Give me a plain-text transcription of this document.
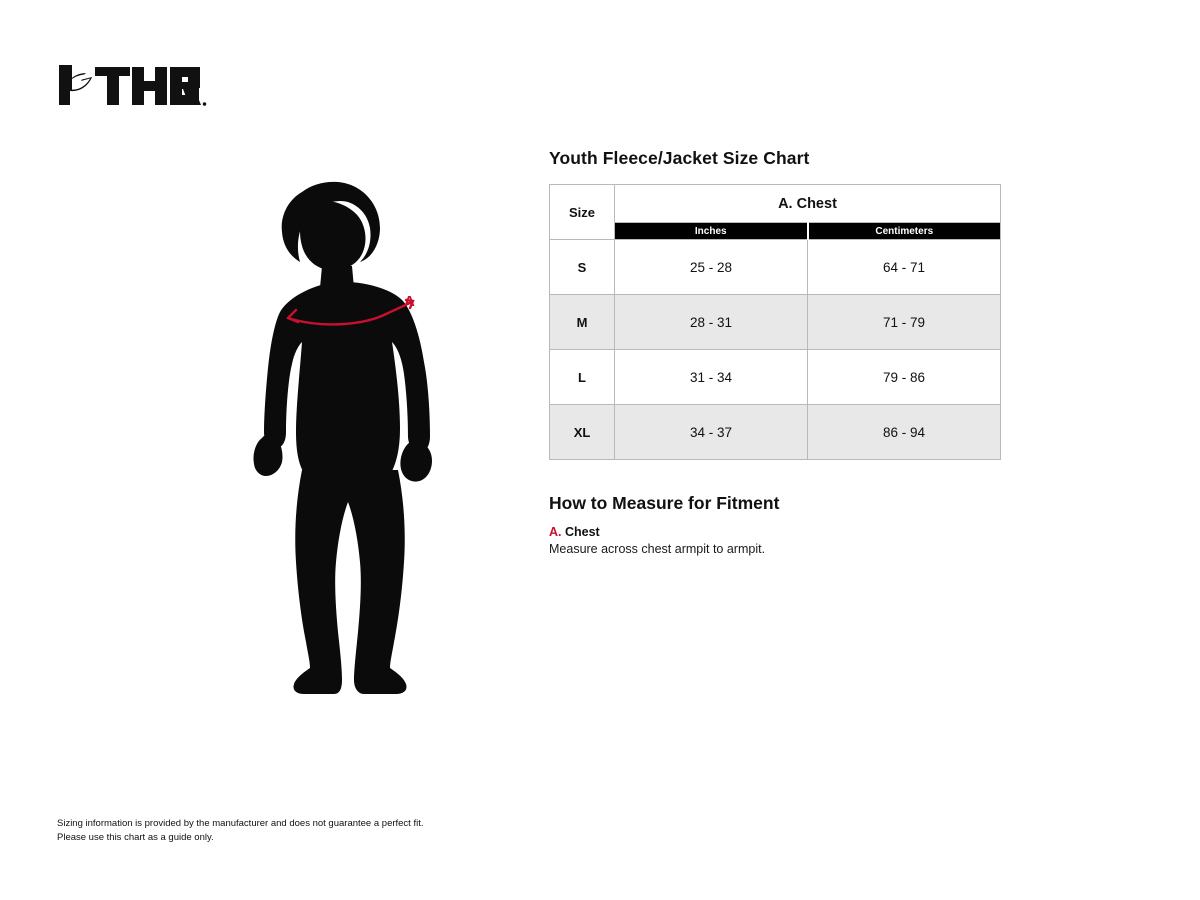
A
Youth Fleece/Jacket Size Chart
Size	A. Chest	
	Inches	Centimeters
S	25 - 28	64 - 71
M	28 - 31	71 - 79
L	31 - 34	79 - 86
XL	34 - 37	86 - 94
How to Measure for Fitment

A. Chest

Measure across chest armpit to armpit.

Sizing information is provided by the manufacturer and does not guarantee a perfect fit.
Please use this chart as a guide only.
